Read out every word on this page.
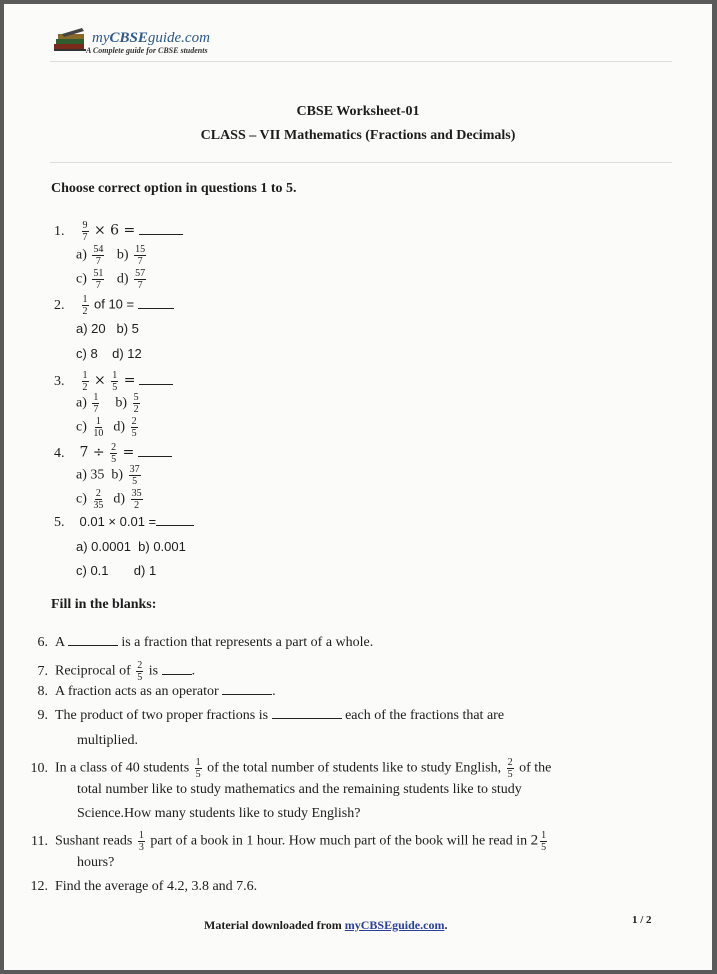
myCBSEguide.com
A Complete guide for CBSE students
CBSE Worksheet-01
CLASS – VII Mathematics (Fractions and Decimals)
Choose correct option in questions 1 to 5.
1. $\frac{9}{7} \times 6$ =
$a) \frac{54}{7} b) \frac{15}{7}$
$c) \frac{51}{7} d) \frac{57}{7}$
2. $\frac{1}{2}$ of 10 =
a) 20   b) 5
c) 8    d) 12
3. $\frac{1}{2} \times \frac{1}{5}$ =
$a) \frac{1}{7} b) \frac{5}{2}$
$c) \frac{1}{10} d) \frac{2}{5}$
4. $7 \div \frac{2}{5}$ =
a) 35 $b) \frac{37}{5}$
$c) \frac{2}{35} d) \frac{35}{2}$
5. 0.01 × 0.01 =
a) 0.0001  b) 0.001
c) 0.1       d) 1
Fill in the blanks:
6. A	is a fraction that represents a part of a whole.
7. Reciprocal of $\frac{2}{5}$ is .
8. A fraction acts as an operator	.
9. The product of two proper fractions is	each of the fractions that are
multiplied.
10. In a class of 40 students $\frac{1}{5}$ of the total number of students like to study English, $\frac{2}{5}$ of the
total number like to study mathematics and the remaining students like to study
Science.How many students like to study English?
11. Sushant reads $\frac{1}{3}$ part of a book in 1 hour. How much part of the book will he read in $2 \frac{1}{5}$
hours?
12. Find the average of 4.2, 3.8 and 7.6.
Material downloaded from myCBSEguide.com.	1 / 2
